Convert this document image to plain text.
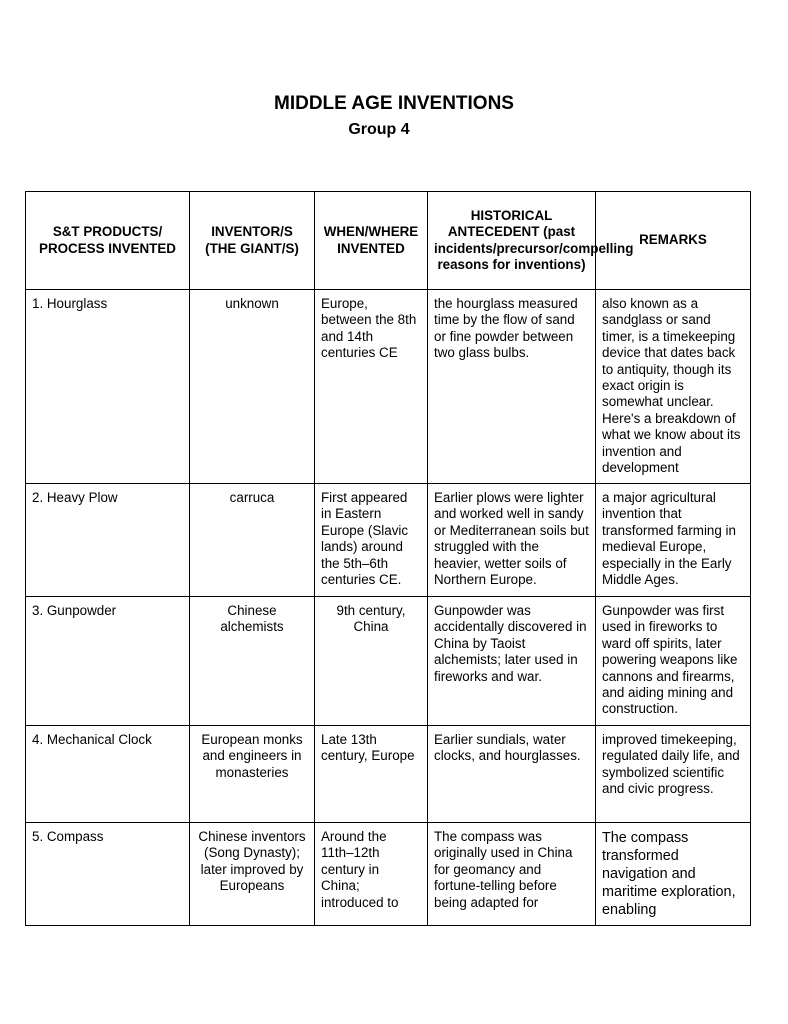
MIDDLE AGE INVENTIONS
Group 4
S&T PRODUCTS/ PROCESS INVENTED	INVENTOR/S (THE GIANT/S)	WHEN/WHERE INVENTED	HISTORICAL ANTECEDENT (past incidents/precursor/compelling reasons for inventions)	REMARKS
1. Hourglass	unknown	Europe, between the 8th and 14th centuries CE	the hourglass measured time by the flow of sand or fine powder between two glass bulbs.	also known as a sandglass or sand timer, is a timekeeping device that dates back to antiquity, though its exact origin is somewhat unclear. Here's a breakdown of what we know about its invention and development
2. Heavy Plow	carruca	First appeared in Eastern Europe (Slavic lands) around the 5th–6th centuries CE.	Earlier plows were lighter and worked well in sandy or Mediterranean soils but struggled with the heavier, wetter soils of Northern Europe.	a major agricultural invention that transformed farming in medieval Europe, especially in the Early Middle Ages.
3. Gunpowder	Chinese alchemists	9th century, China	Gunpowder was accidentally discovered in China by Taoist alchemists; later used in fireworks and war.	Gunpowder was first used in fireworks to ward off spirits, later powering weapons like cannons and firearms, and aiding mining and construction.
4. Mechanical Clock	European monks and engineers in monasteries	Late 13th century, Europe	Earlier sundials, water clocks, and hourglasses.	improved timekeeping, regulated daily life, and symbolized scientific and civic progress.
5. Compass	Chinese inventors (Song Dynasty); later improved by Europeans	Around the 11th–12th century in China; introduced to	The compass was originally used in China for geomancy and fortune-telling before being adapted for	The compass transformed navigation and maritime exploration, enabling
